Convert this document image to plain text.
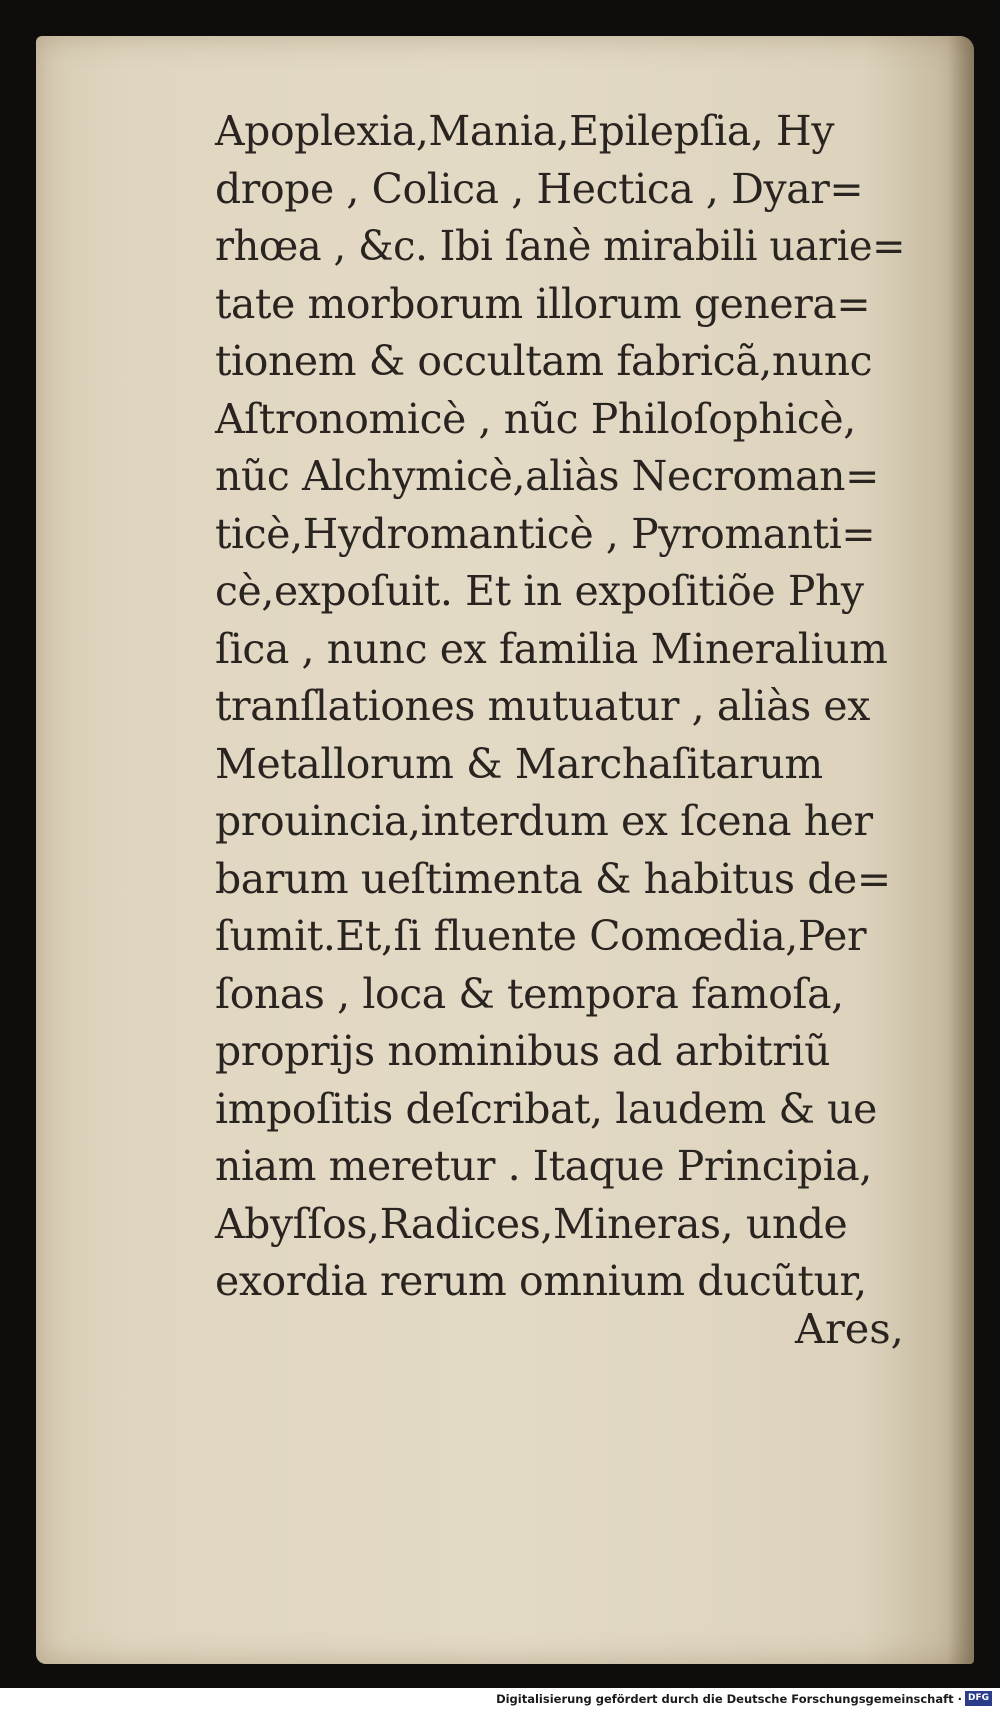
Apoplexia,Mania,Epilepſia, Hy
drope , Colica , Hectica , Dyar=
rhœa , &c. Ibi ſanè mirabili uarie=
tate morborum illorum genera=
tionem & occultam fabricã,nunc
Aſtronomicè , nũc Philoſophicè,
nũc Alchymicè,aliàs Necroman=
ticè,Hydromanticè , Pyromanti=
cè,expoſuit. Et in expoſitiõe Phy
ſica , nunc ex familia Mineralium
tranſlationes mutuatur , aliàs ex
Metallorum & Marchaſitarum
prouincia,interdum ex ſcena her
barum ueſtimenta & habitus de=
ſumit.Et,ſi fluente Comœdia,Per
ſonas , loca & tempora famoſa,
proprijs nominibus ad arbitriũ
impoſitis deſcribat, laudem & ue
niam meretur . Itaque Principia,
Abyſſos,Radices,Mineras, unde
exordia rerum omnium ducũtur,
Ares,
Digitalisierung gefördert durch die Deutsche Forschungsgemeinschaft · DFG
